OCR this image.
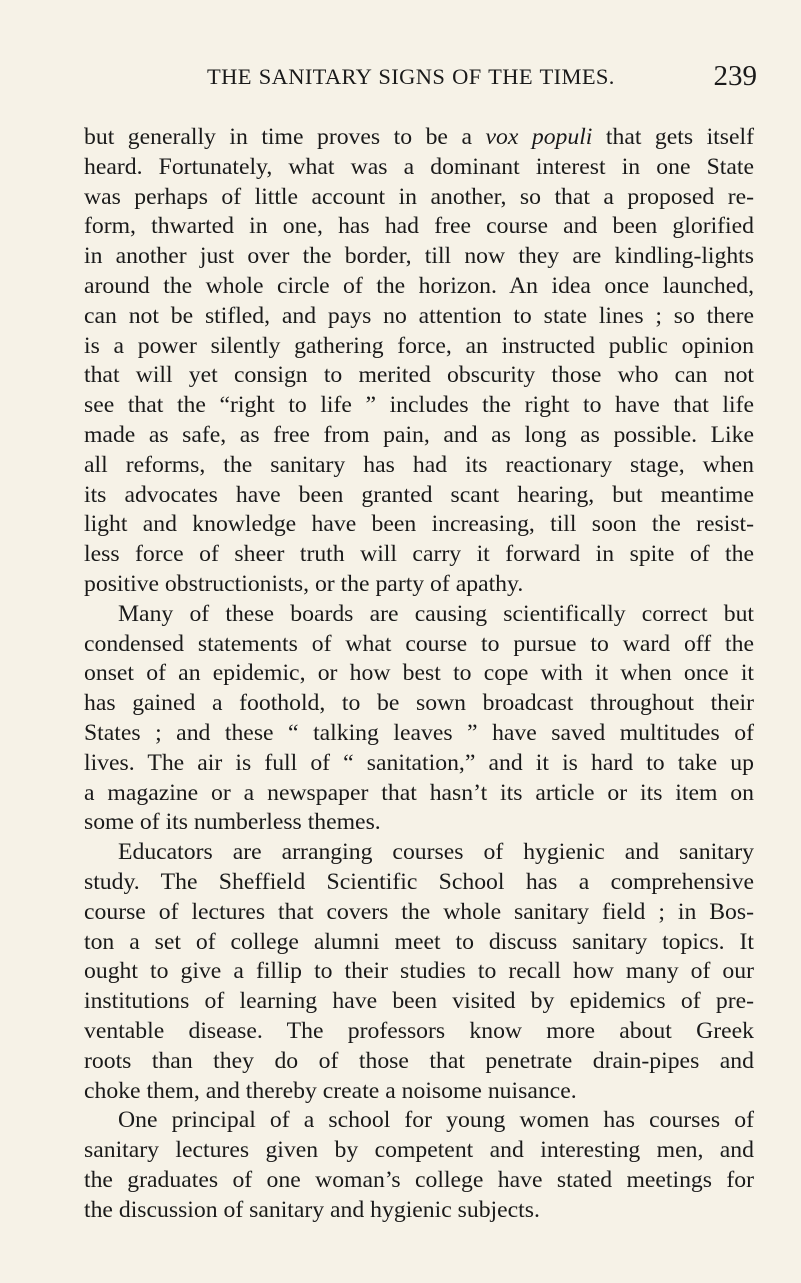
THE SANITARY SIGNS OF THE TIMES.	239
but generally in time proves to be a vox populi that gets itself
heard. Fortunately, what was a dominant interest in one State
was perhaps of little account in another, so that a proposed re-
form, thwarted in one, has had free course and been glorified
in another just over the border, till now they are kindling-lights
around the whole circle of the horizon. An idea once launched,
can not be stifled, and pays no attention to state lines ; so there
is a power silently gathering force, an instructed public opinion
that will yet consign to merited obscurity those who can not
see that the “right to life ” includes the right to have that life
made as safe, as free from pain, and as long as possible. Like
all reforms, the sanitary has had its reactionary stage, when
its advocates have been granted scant hearing, but meantime
light and knowledge have been increasing, till soon the resist-
less force of sheer truth will carry it forward in spite of the
positive obstructionists, or the party of apathy.
Many of these boards are causing scientifically correct but
condensed statements of what course to pursue to ward off the
onset of an epidemic, or how best to cope with it when once it
has gained a foothold, to be sown broadcast throughout their
States ; and these “ talking leaves ” have saved multitudes of
lives. The air is full of “ sanitation,” and it is hard to take up
a magazine or a newspaper that hasn’t its article or its item on
some of its numberless themes.
Educators are arranging courses of hygienic and sanitary
study. The Sheffield Scientific School has a comprehensive
course of lectures that covers the whole sanitary field ; in Bos-
ton a set of college alumni meet to discuss sanitary topics. It
ought to give a fillip to their studies to recall how many of our
institutions of learning have been visited by epidemics of pre-
ventable disease. The professors know more about Greek
roots than they do of those that penetrate drain-pipes and
choke them, and thereby create a noisome nuisance.
One principal of a school for young women has courses of
sanitary lectures given by competent and interesting men, and
the graduates of one woman’s college have stated meetings for
the discussion of sanitary and hygienic subjects.
